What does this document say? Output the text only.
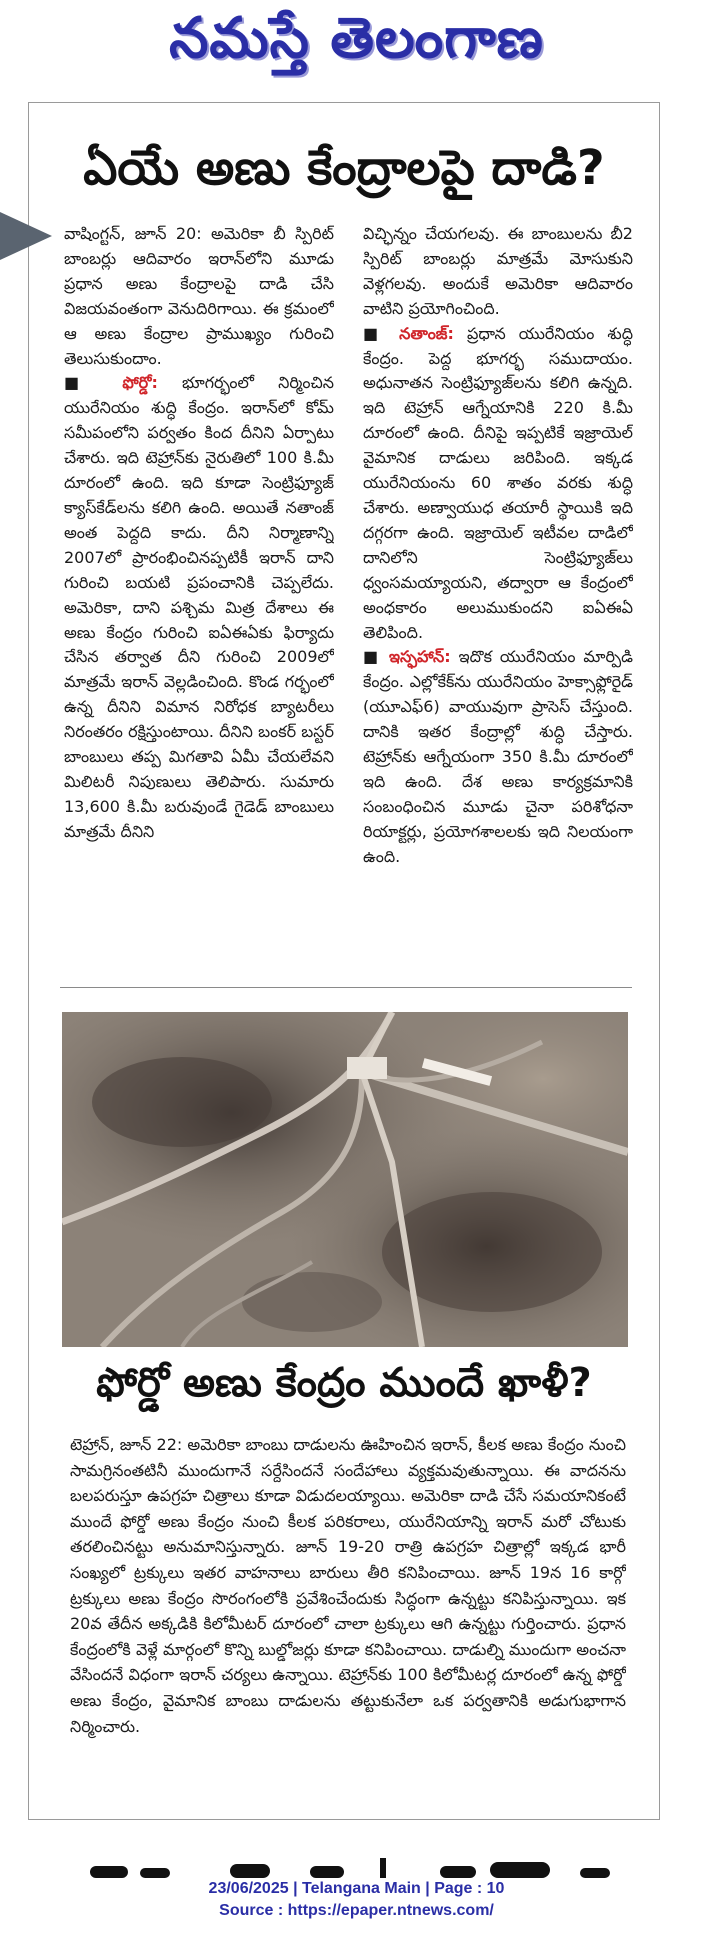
నమస్తే తెలంగాణ
ఏయే అణు కేంద్రాలపై దాడి?

వాషింగ్టన్, జూన్ 20: అమెరికా బీ స్పిరిట్ బాంబర్లు ఆదివారం ఇరాన్‌లోని మూడు ప్రధాన అణు కేంద్రాలపై దాడి చేసి విజయవంతంగా వెనుదిరిగాయి. ఈ క్రమంలో ఆ అణు కేంద్రాల ప్రాముఖ్యం గురించి తెలుసుకుందాం.

■ ఫోర్డో: భూగర్భంలో నిర్మించిన యురేనియం శుద్ధి కేంద్రం. ఇరాన్‌లో కోమ్ సమీపంలోని పర్వతం కింద దీనిని ఏర్పాటు చేశారు. ఇది టెహ్రాన్‌కు నైరుతిలో 100 కి.మీ దూరంలో ఉంది. ఇది కూడా సెంట్రిఫ్యూజ్ క్యాస్‌కేడ్‌లను కలిగి ఉంది. అయితే నతాంజ్ అంత పెద్దది కాదు. దీని నిర్మాణాన్ని 2007లో ప్రారంభించినప్పటికీ ఇరాన్ దాని గురించి బయటి ప్రపంచానికి చెప్పలేదు. అమెరికా, దాని పశ్చిమ మిత్ర దేశాలు ఈ అణు కేంద్రం గురించి ఐఏఈఏకు ఫిర్యాదు చేసిన తర్వాత దీని గురించి 2009లో మాత్రమే ఇరాన్ వెల్లడించింది. కొండ గర్భంలో ఉన్న దీనిని విమాన నిరోధక బ్యాటరీలు నిరంతరం రక్షిస్తుంటాయి. దీనిని బంకర్ బస్టర్ బాంబులు తప్ప మిగతావి ఏమీ చేయలేవని మిలిటరీ నిపుణులు తెలిపారు. సుమారు 13,600 కి.మీ బరువుండే గైడెడ్ బాంబులు మాత్రమే దీనిని

విచ్ఛిన్నం చేయగలవు. ఈ బాంబులను బీ2 స్పిరిట్ బాంబర్లు మాత్రమే మోసుకుని వెళ్లగలవు. అందుకే అమెరికా ఆదివారం వాటిని ప్రయోగించింది.

■ నతాంజ్: ప్రధాన యురేనియం శుద్ధి కేంద్రం. పెద్ద భూగర్భ సముదాయం. అధునాతన సెంట్రిఫ్యూజ్‌లను కలిగి ఉన్నది. ఇది టెహ్రాన్ ఆగ్నేయానికి 220 కి.మీ దూరంలో ఉంది. దీనిపై ఇప్పటికే ఇజ్రాయెల్ వైమానిక దాడులు జరిపింది. ఇక్కడ యురేనియంను 60 శాతం వరకు శుద్ధి చేశారు. అణ్వాయుధ తయారీ స్థాయికి ఇది దగ్గరగా ఉంది. ఇజ్రాయెల్ ఇటీవల దాడిలో దానిలోని సెంట్రిఫ్యూజ్‌లు ధ్వంసమయ్యాయని, తద్వారా ఆ కేంద్రంలో అంధకారం అలుముకుందని ఐఏఈఏ తెలిపింది.

■ ఇస్ఫహాన్: ఇదొక యురేనియం మార్పిడి కేంద్రం. ఎల్లోకేక్‌ను యురేనియం హెక్సాఫ్లోరైడ్ (యూఎఫ్6) వాయువుగా ప్రాసెస్ చేస్తుంది. దానికి ఇతర కేంద్రాల్లో శుద్ధి చేస్తారు. టెహ్రాన్‌కు ఆగ్నేయంగా 350 కి.మీ దూరంలో ఇది ఉంది. దేశ అణు కార్యక్రమానికి సంబంధించిన మూడు చైనా పరిశోధనా రియాక్టర్లు, ప్రయోగశాలలకు ఇది నిలయంగా ఉంది.

ఫోర్డో అణు కేంద్రం ముందే ఖాళీ?

టెహ్రాన్, జూన్ 22: అమెరికా బాంబు దాడులను ఊహించిన ఇరాన్, కీలక అణు కేంద్రం నుంచి సామగ్రినంతటినీ ముందుగానే సర్దేసిందనే సందేహాలు వ్యక్తమవుతున్నాయి. ఈ వాదనను బలపరుస్తూ ఉపగ్రహ చిత్రాలు కూడా విడుదలయ్యాయి. అమెరికా దాడి చేసే సమయానికంటే ముందే ఫోర్డో అణు కేంద్రం నుంచి కీలక పరికరాలు, యురేనియాన్ని ఇరాన్ మరో చోటుకు తరలించినట్టు అనుమానిస్తున్నారు. జూన్ 19-20 రాత్రి ఉపగ్రహ చిత్రాల్లో ఇక్కడ భారీ సంఖ్యలో ట్రక్కులు ఇతర వాహనాలు బారులు తీరి కనిపించాయి. జూన్ 19న 16 కార్గో ట్రక్కులు అణు కేంద్రం సొరంగంలోకి ప్రవేశించేందుకు సిద్ధంగా ఉన్నట్టు కనిపిస్తున్నాయి. ఇక 20వ తేదీన అక్కడికి కిలోమీటర్ దూరంలో చాలా ట్రక్కులు ఆగి ఉన్నట్టు గుర్తించారు. ప్రధాన కేంద్రంలోకి వెళ్లే మార్గంలో కొన్ని బుల్డోజర్లు కూడా కనిపించాయి. దాడుల్ని ముందుగా అంచనా వేసిందనే విధంగా ఇరాన్ చర్యలు ఉన్నాయి. టెహ్రాన్‌కు 100 కిలోమీటర్ల దూరంలో ఉన్న ఫోర్డో అణు కేంద్రం, వైమానిక బాంబు దాడులను తట్టుకునేలా ఒక పర్వతానికి అడుగుభాగాన నిర్మించారు.

23/06/2025 | Telangana Main | Page : 10
Source : https://epaper.ntnews.com/
